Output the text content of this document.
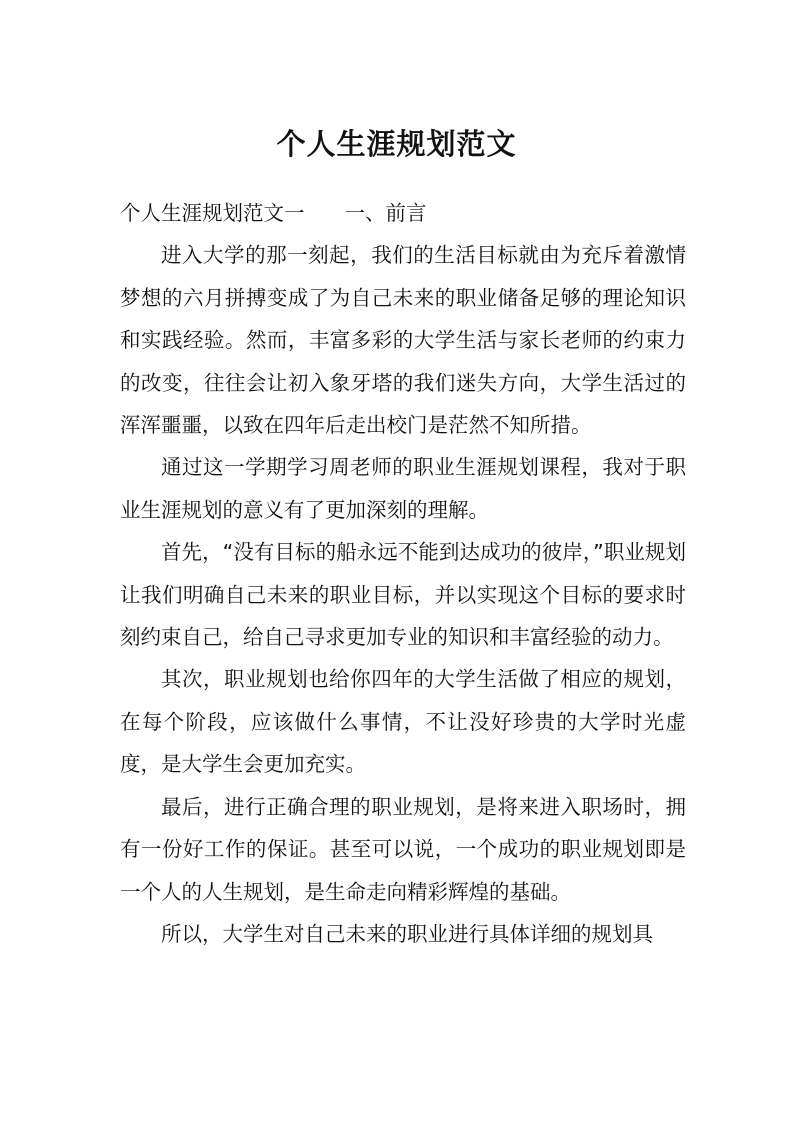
个人生涯规划范文

个人生涯规划范文一 一、前言

进入大学的那一刻起，我们的生活目标就由为充斥着激情梦想的六月拼搏变成了为自己未来的职业储备足够的理论知识和实践经验。然而，丰富多彩的大学生活与家长老师的约束力的改变，往往会让初入象牙塔的我们迷失方向，大学生活过的浑浑噩噩，以致在四年后走出校门是茫然不知所措。

通过这一学期学习周老师的职业生涯规划课程，我对于职业生涯规划的意义有了更加深刻的理解。

首先，“没有目标的船永远不能到达成功的彼岸，”职业规划让我们明确自己未来的职业目标，并以实现这个目标的要求时刻约束自己，给自己寻求更加专业的知识和丰富经验的动力。

其次，职业规划也给你四年的大学生活做了相应的规划，在每个阶段，应该做什么事情，不让没好珍贵的大学时光虚度，是大学生会更加充实。

最后，进行正确合理的职业规划，是将来进入职场时，拥有一份好工作的保证。甚至可以说，一个成功的职业规划即是一个人的人生规划，是生命走向精彩辉煌的基础。

所以，大学生对自己未来的职业进行具体详细的规划具
